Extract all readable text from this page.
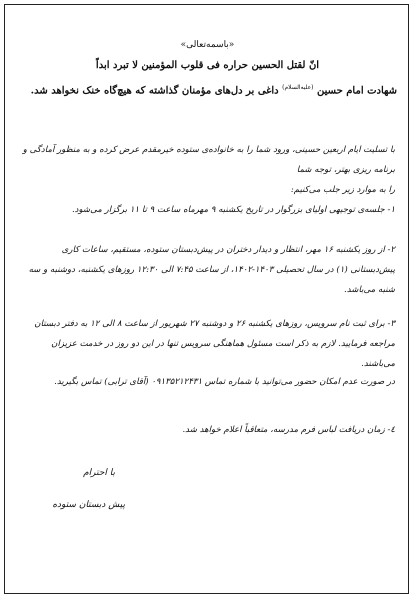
«باسمه‌تعالی»
انّ لقتل الحسین حراره فی قلوب المؤمنین لا تبرد ابداً
شهادت امام حسین $^{(علیه‌السلام)}$ داغی بر دل‌های مؤمنان گذاشته که هیچ‌گاه خنک نخواهد شد.
با تسلیت ایام اربعین حسینی، ورود شما را به خانواده‌ی ستوده خیرمقدم عرض کرده و به منظور آمادگی و برنامه ریزی بهتر، توجه شما
را به موارد زیر جلب می‌کنیم:
۱- جلسه‌ی توجیهی اولیای بزرگوار در تاریخ یکشنبه ۹ مهرماه ساعت ۹ تا ۱۱ برگزار می‌شود.
۲- از روز یکشنبه ۱۶ مهر، انتظار و دیدار دختران در پیش‌دبستان ستوده، مستقیم، ساعات کاری پیش‌دبستانی (۱) در سال تحصیلی ۱۴۰۳-۱۴۰۲، از ساعت ۷:۴۵ الی ۱۲:۳۰ روزهای یکشنبه، دوشنبه و سه شنبه می‌باشد.
۳- برای ثبت نام سرویس، روزهای یکشنبه ۲۶ و دوشنبه ۲۷ شهریور از ساعت ۸ الی ۱۲ به دفتر دبستان مراجعه فرمایید. لازم به ذکر است مسئول هماهنگی سرویس تنها در این دو روز در خدمت عزیزان می‌باشند.
در صورت عدم امکان حضور می‌توانید با شماره تماس ۰۹۱۳۵۲۱۲۴۳۱ (آقای ترابی) تماس بگیرید.
٤- زمان دریافت لباس فرم مدرسه، متعاقباً اعلام خواهد شد.
با احترام
پیش دبستان ستوده
